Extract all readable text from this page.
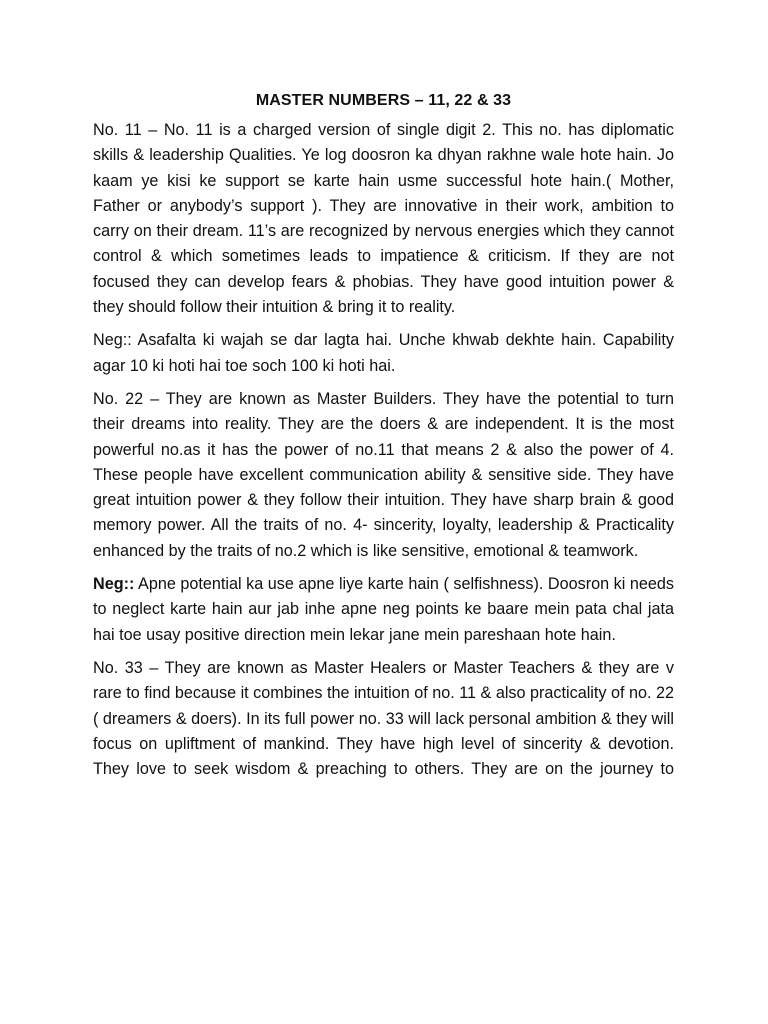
MASTER NUMBERS – 11, 22 & 33

No. 11 – No. 11 is a charged version of single digit 2. This no. has diplomatic skills & leadership Qualities. Ye log doosron ka dhyan rakhne wale hote hain. Jo kaam ye kisi ke support se karte hain usme successful hote hain.( Mother, Father or anybody’s support ). They are innovative in their work, ambition to carry on their dream. 11’s are recognized by nervous energies which they cannot control & which sometimes leads to impatience & criticism. If they are not focused they can develop fears & phobias. They have good intuition power & they should follow their intuition & bring it to reality.

Neg:: Asafalta ki wajah se dar lagta hai. Unche khwab dekhte hain. Capability agar 10 ki hoti hai toe soch 100 ki hoti hai.

No. 22 – They are known as Master Builders. They have the potential to turn their dreams into reality. They are the doers & are independent. It is the most powerful no.as it has the power of no.11 that means 2 & also the power of 4. These people have excellent communication ability & sensitive side. They have great intuition power & they follow their intuition. They have sharp brain & good memory power. All the traits of no. 4- sincerity, loyalty, leadership & Practicality enhanced by the traits of no.2 which is like sensitive, emotional & teamwork.

Neg:: Apne potential ka use apne liye karte hain ( selfishness). Doosron ki needs to neglect karte hain aur jab inhe apne neg points ke baare mein pata chal jata hai toe usay positive direction mein lekar jane mein pareshaan hote hain.

No. 33 – They are known as Master Healers or Master Teachers & they are v rare to find because it combines the intuition of no. 11 & also practicality of no. 22 ( dreamers & doers). In its full power no. 33 will lack personal ambition & they will focus on upliftment of mankind. They have high level of sincerity & devotion. They love to seek wisdom & preaching to others. They are on the journey to
